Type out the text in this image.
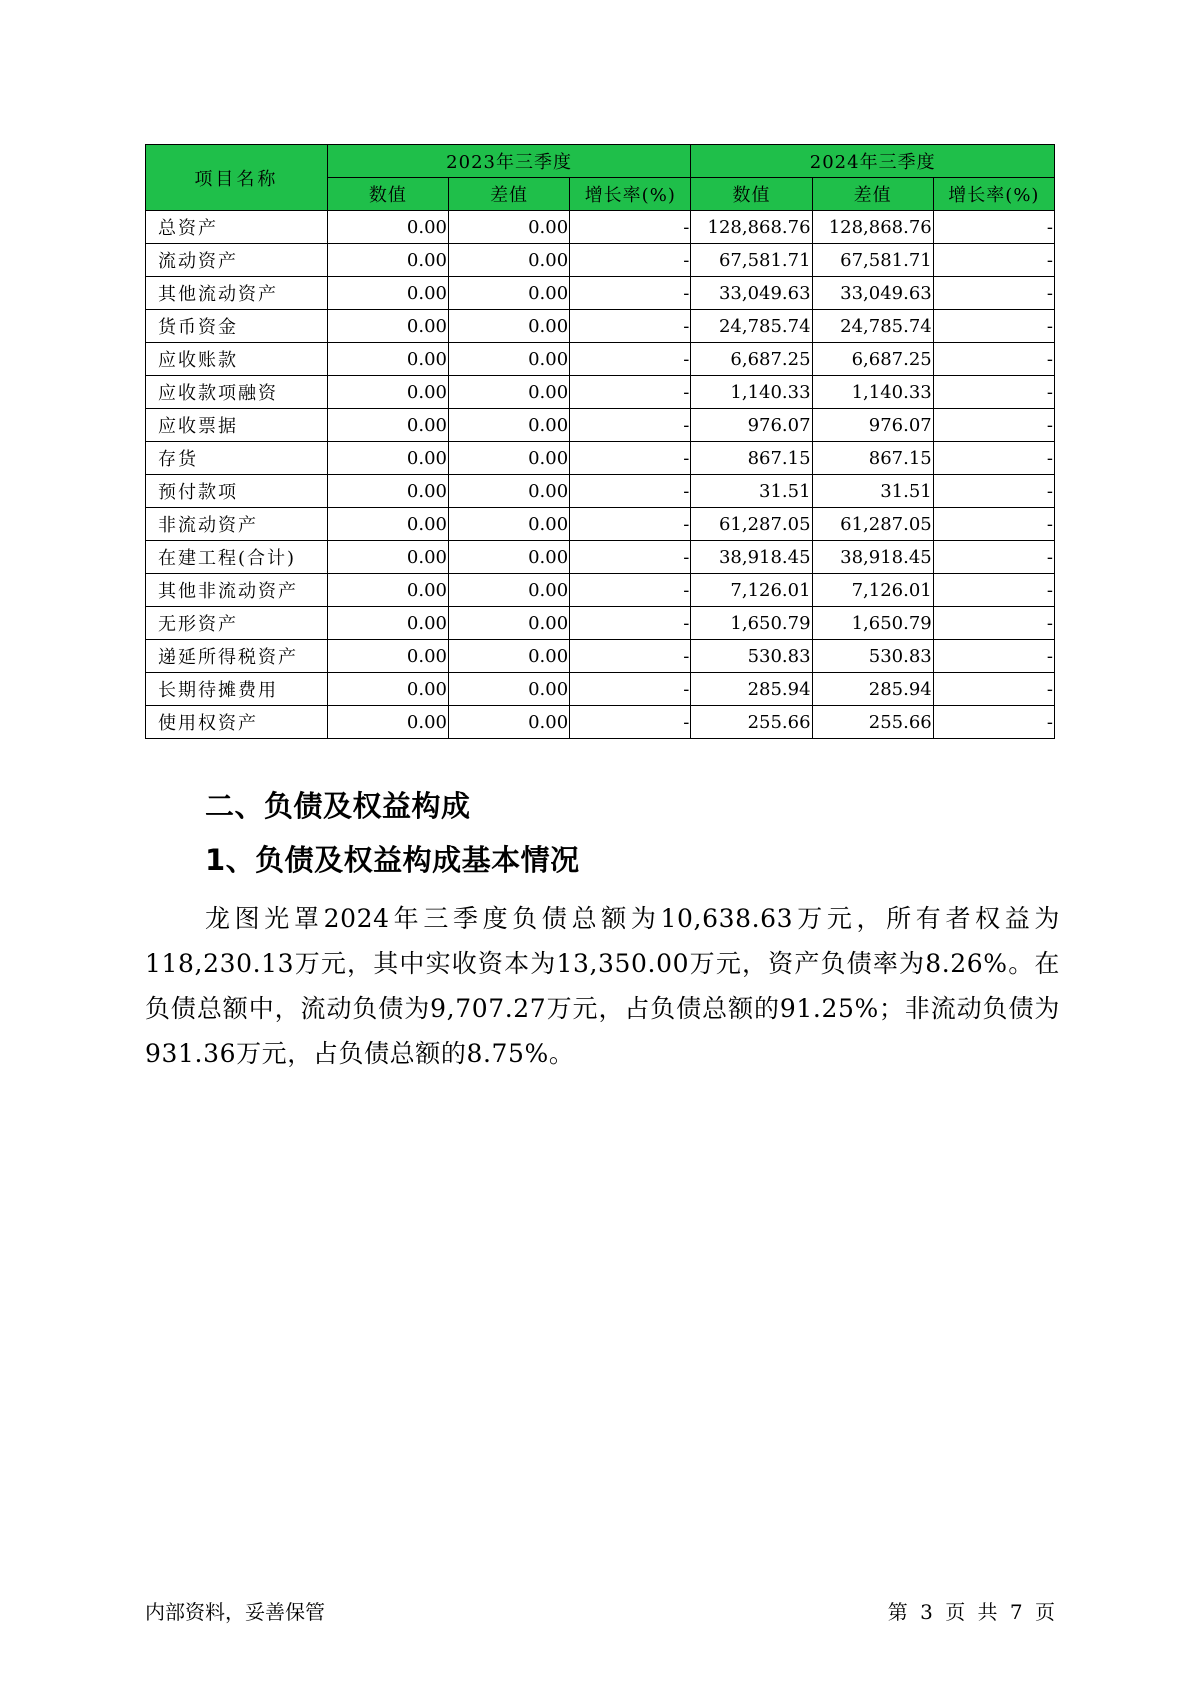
项目名称	2023年三季度			2024年三季度		
	数值	差值	增长率(%)	数值	差值	增长率(%)
总资产	0.00	0.00	-	128,868.76	128,868.76	-
流动资产	0.00	0.00	-	67,581.71	67,581.71	-
其他流动资产	0.00	0.00	-	33,049.63	33,049.63	-
货币资金	0.00	0.00	-	24,785.74	24,785.74	-
应收账款	0.00	0.00	-	6,687.25	6,687.25	-
应收款项融资	0.00	0.00	-	1,140.33	1,140.33	-
应收票据	0.00	0.00	-	976.07	976.07	-
存货	0.00	0.00	-	867.15	867.15	-
预付款项	0.00	0.00	-	31.51	31.51	-
非流动资产	0.00	0.00	-	61,287.05	61,287.05	-
在建工程(合计)	0.00	0.00	-	38,918.45	38,918.45	-
其他非流动资产	0.00	0.00	-	7,126.01	7,126.01	-
无形资产	0.00	0.00	-	1,650.79	1,650.79	-
递延所得税资产	0.00	0.00	-	530.83	530.83	-
长期待摊费用	0.00	0.00	-	285.94	285.94	-
使用权资产	0.00	0.00	-	255.66	255.66	-
二、负债及权益构成
1、负债及权益构成基本情况

龙图光罩2024年三季度负债总额为10,638.63万元，所有者权益为118,230.13万元，其中实收资本为13,350.00万元，资产负债率为8.26%。在负债总额中，流动负债为9,707.27万元，占负债总额的91.25%；非流动负债为931.36万元，占负债总额的8.75%。

内部资料，妥善保管	第 3 页 共 7 页
